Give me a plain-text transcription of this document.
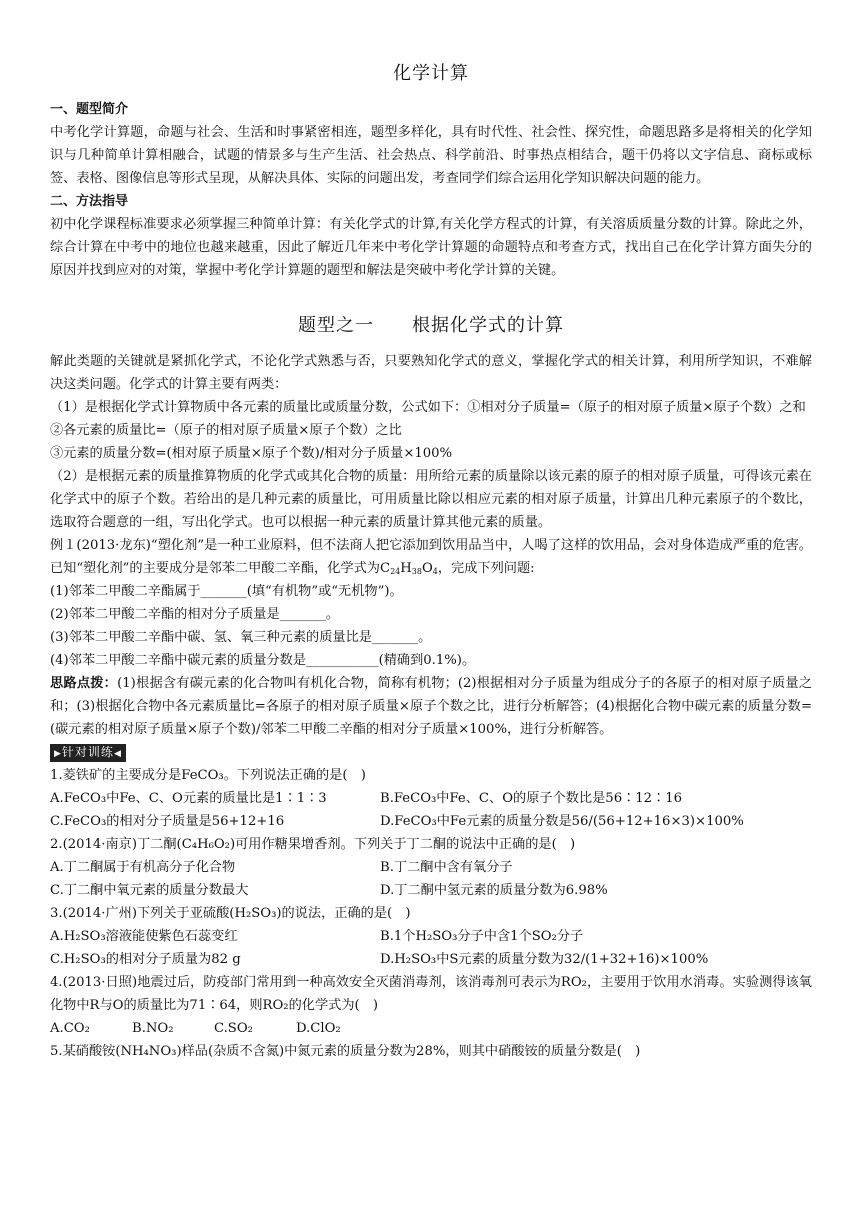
化学计算
一、题型简介
中考化学计算题，命题与社会、生活和时事紧密相连，题型多样化，具有时代性、社会性、探究性，命题思路多是将相关的化学知识与几种简单计算相融合，试题的情景多与生产生活、社会热点、科学前沿、时事热点相结合，题干仍将以文字信息、商标或标签、表格、图像信息等形式呈现，从解决具体、实际的问题出发，考查同学们综合运用化学知识解决问题的能力。
二、方法指导
初中化学课程标准要求必须掌握三种简单计算：有关化学式的计算,有关化学方程式的计算，有关溶质质量分数的计算。除此之外，综合计算在中考中的地位也越来越重，因此了解近几年来中考化学计算题的命题特点和考查方式，找出自己在化学计算方面失分的原因并找到应对的对策，掌握中考化学计算题的题型和解法是突破中考化学计算的关键。
题型之一　　根据化学式的计算
解此类题的关键就是紧抓化学式，不论化学式熟悉与否，只要熟知化学式的意义，掌握化学式的相关计算，利用所学知识，不难解决这类问题。化学式的计算主要有两类：
（1）是根据化学式计算物质中各元素的质量比或质量分数，公式如下：①相对分子质量=（原子的相对原子质量×原子个数）之和
②各元素的质量比=（原子的相对原子质量×原子个数）之比
③元素的质量分数=(相对原子质量×原子个数)/相对分子质量×100%
（2）是根据元素的质量推算物质的化学式或其化合物的质量：用所给元素的质量除以该元素的原子的相对原子质量，可得该元素在化学式中的原子个数。若给出的是几种元素的质量比，可用质量比除以相应元素的相对原子质量，计算出几种元素原子的个数比，选取符合题意的一组，写出化学式。也可以根据一种元素的质量计算其他元素的质量。
例１(2013·龙东)“塑化剂”是一种工业原料，但不法商人把它添加到饮用品当中，人喝了这样的饮用品，会对身体造成严重的危害。已知“塑化剂”的主要成分是邻苯二甲酸二辛酯，化学式为$C_{24}H_{38}O_4$，完成下列问题:
(1)邻苯二甲酸二辛酯属于_______(填“有机物”或“无机物”)。
(2)邻苯二甲酸二辛酯的相对分子质量是_______。
(3)邻苯二甲酸二辛酯中碳、氢、氧三种元素的质量比是_______。
(4)邻苯二甲酸二辛酯中碳元素的质量分数是___________(精确到0.1%)。
思路点拨：(1)根据含有碳元素的化合物叫有机化合物，简称有机物；(2)根据相对分子质量为组成分子的各原子的相对原子质量之和；(3)根据化合物中各元素质量比=各原子的相对原子质量×原子个数之比，进行分析解答；(4)根据化合物中碳元素的质量分数=(碳元素的相对原子质量×原子个数)/邻苯二甲酸二辛酯的相对分子质量×100%，进行分析解答。
▶针对训练◀
1.菱铁矿的主要成分是FeCO₃。下列说法正确的是(　)
A.FeCO₃中Fe、C、O元素的质量比是1∶1∶3	B.FeCO₃中Fe、C、O的原子个数比是56∶12∶16
C.FeCO₃的相对分子质量是56+12+16	D.FeCO₃中Fe元素的质量分数是56/(56+12+16×3)×100%
2.(2014·南京)丁二酮(C₄H₆O₂)可用作糖果增香剂。下列关于丁二酮的说法中正确的是(　)
A.丁二酮属于有机高分子化合物	B.丁二酮中含有氧分子
C.丁二酮中氧元素的质量分数最大	D.丁二酮中氢元素的质量分数为6.98%
3.(2014·广州)下列关于亚硫酸(H₂SO₃)的说法，正确的是(　)
A.H₂SO₃溶液能使紫色石蕊变红	B.1个H₂SO₃分子中含1个SO₂分子
C.H₂SO₃的相对分子质量为82 g	D.H₂SO₃中S元素的质量分数为32/(1+32+16)×100%
4.(2013·日照)地震过后，防疫部门常用到一种高效安全灭菌消毒剂，该消毒剂可表示为RO₂，主要用于饮用水消毒。实验测得该氧化物中R与O的质量比为71∶64，则RO₂的化学式为(　)
A.CO₂	B.NO₂	C.SO₂	D.ClO₂
5.某硝酸铵(NH₄NO₃)样品(杂质不含氮)中氮元素的质量分数为28%，则其中硝酸铵的质量分数是(　)
